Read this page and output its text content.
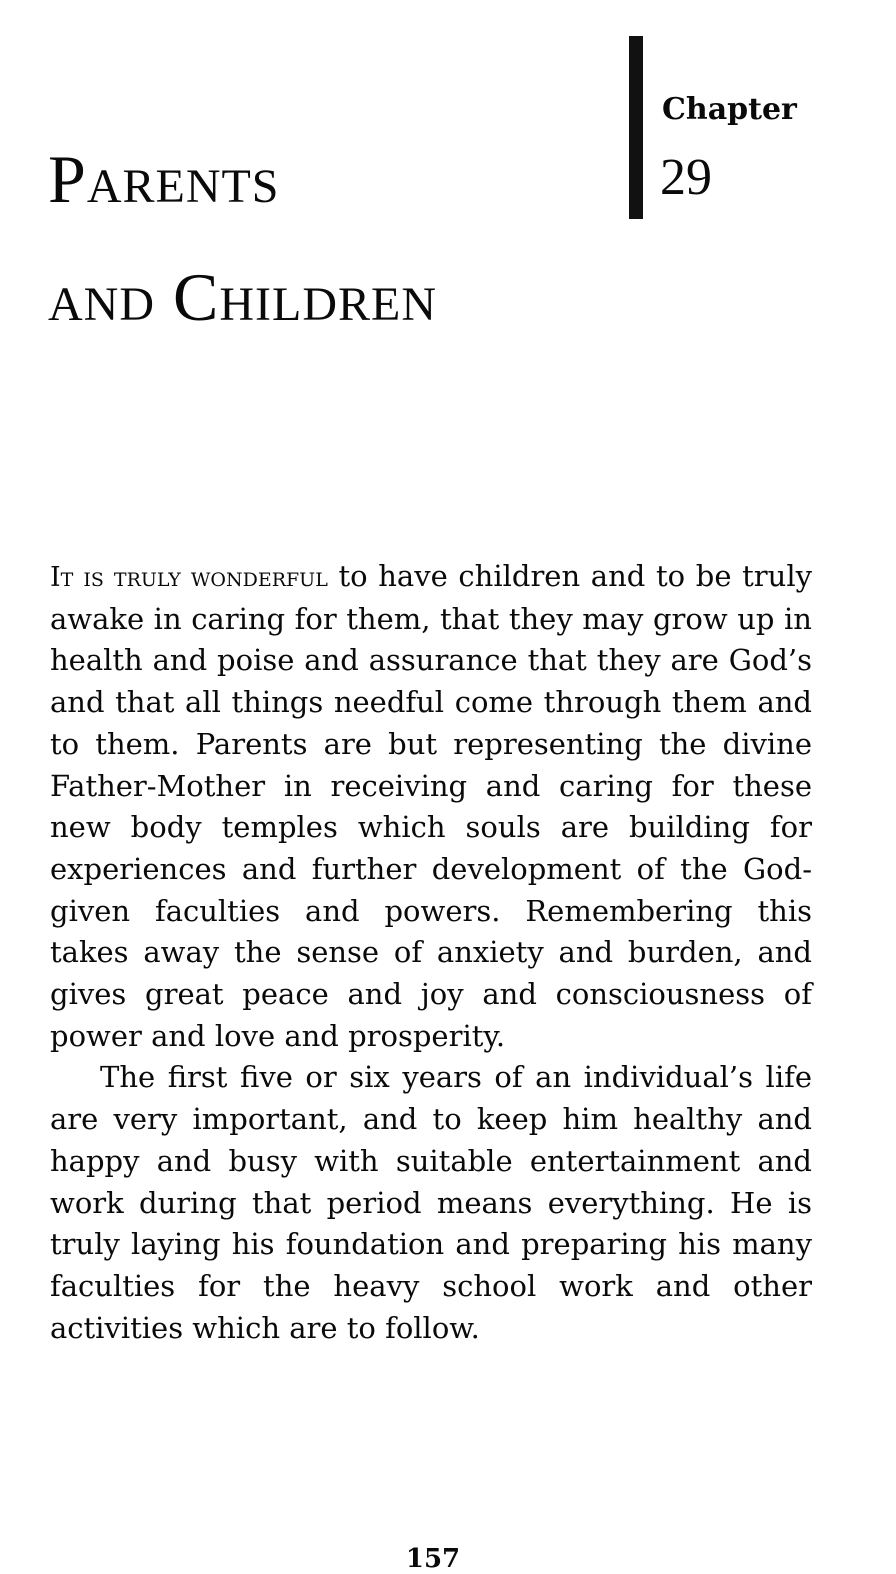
Parents
and Children
Chapter
29

It is truly wonderful to have children and to be truly awake in caring for them, that they may grow up in health and poise and assurance that they are God’s and that all things needful come through them and to them. Parents are but representing the divine Father-Mother in receiving and caring for these new body temples which souls are building for experiences and further development of the God-given faculties and powers. Remembering this takes away the sense of anxiety and burden, and gives great peace and joy and consciousness of power and love and prosperity.

The first five or six years of an individual’s life are very important, and to keep him healthy and happy and busy with suitable entertainment and work during that period means everything. He is truly laying his foundation and preparing his many faculties for the heavy school work and other activities which are to follow.

157
